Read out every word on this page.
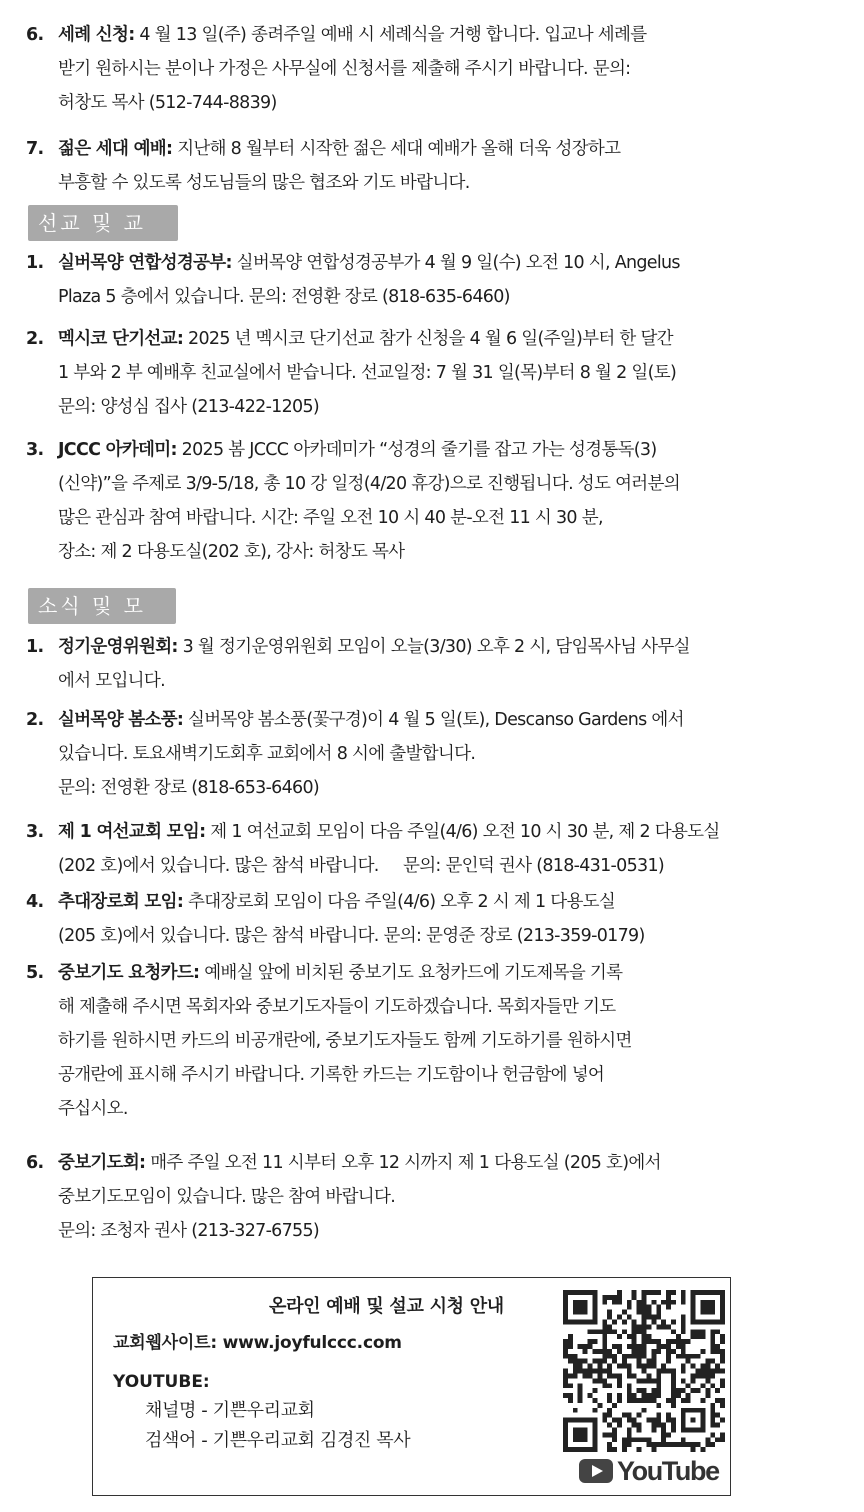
6. 세례 신청: 4 월 13 일(주) 종려주일 예배 시 세례식을 거행 합니다. 입교나 세례를
받기 원하시는 분이나 가정은 사무실에 신청서를 제출해 주시기 바랍니다. 문의:
허창도 목사 (512-744-8839)
7. 젊은 세대 예배: 지난해 8 월부터 시작한 젊은 세대 예배가 올해 더욱 성장하고
부흥할 수 있도록 성도님들의 많은 협조와 기도 바랍니다.
선교 및 교육
1. 실버목양 연합성경공부: 실버목양 연합성경공부가 4 월 9 일(수) 오전 10 시, Angelus
Plaza 5 층에서 있습니다. 문의: 전영환 장로 (818-635-6460)
2. 멕시코 단기선교: 2025 년 멕시코 단기선교 참가 신청을 4 월 6 일(주일)부터 한 달간
1 부와 2 부 예배후 친교실에서 받습니다. 선교일정: 7 월 31 일(목)부터 8 월 2 일(토)
문의: 양성심 집사 (213-422-1205)
3. JCCC 아카데미: 2025 봄 JCCC 아카데미가 “성경의 줄기를 잡고 가는 성경통독(3)
(신약)”을 주제로 3/9-5/18, 총 10 강 일정(4/20 휴강)으로 진행됩니다. 성도 여러분의
많은 관심과 참여 바랍니다. 시간: 주일 오전 10 시 40 분-오전 11 시 30 분,
장소: 제 2 다용도실(202 호), 강사: 허창도 목사
소식 및 모임
1. 정기운영위원회: 3 월 정기운영위원회 모임이 오늘(3/30) 오후 2 시, 담임목사님 사무실
에서 모입니다.
2. 실버목양 봄소풍: 실버목양 봄소풍(꽃구경)이 4 월 5 일(토), Descanso Gardens 에서
있습니다. 토요새벽기도회후 교회에서 8 시에 출발합니다.
문의: 전영환 장로 (818-653-6460)
3. 제 1 여선교회 모임: 제 1 여선교회 모임이 다음 주일(4/6) 오전 10 시 30 분, 제 2 다용도실
(202 호)에서 있습니다. 많은 참석 바랍니다.     문의: 문인덕 권사 (818-431-0531)
4. 추대장로회 모임: 추대장로회 모임이 다음 주일(4/6) 오후 2 시 제 1 다용도실
(205 호)에서 있습니다. 많은 참석 바랍니다. 문의: 문영준 장로 (213-359-0179)
5. 중보기도 요청카드: 예배실 앞에 비치된 중보기도 요청카드에 기도제목을 기록
해 제출해 주시면 목회자와 중보기도자들이 기도하겠습니다. 목회자들만 기도
하기를 원하시면 카드의 비공개란에, 중보기도자들도 함께 기도하기를 원하시면
공개란에 표시해 주시기 바랍니다. 기록한 카드는 기도함이나 헌금함에 넣어
주십시오.
6. 중보기도회: 매주 주일 오전 11 시부터 오후 12 시까지 제 1 다용도실 (205 호)에서
중보기도모임이 있습니다. 많은 참여 바랍니다.
문의: 조청자 권사 (213-327-6755)
온라인 예배 및 설교 시청 안내
교회웹사이트: www.joyfulccc.com
YOUTUBE:
채널명 - 기쁜우리교회
검색어 - 기쁜우리교회 김경진 목사
YouTube
